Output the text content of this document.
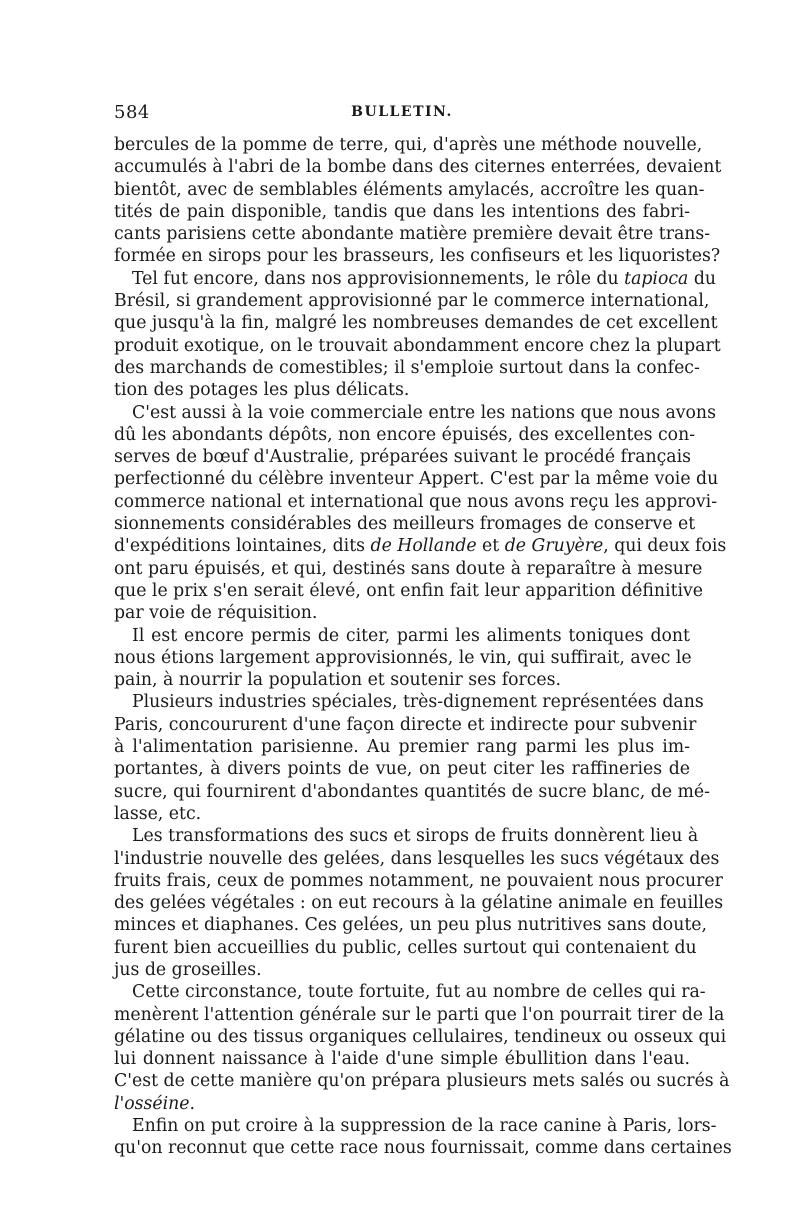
584	BULLETIN.

bercules de la pomme de terre, qui, d'après une méthode nouvelle,
accumulés à l'abri de la bombe dans des citernes enterrées, devaient
bientôt, avec de semblables éléments amylacés, accroître les quan-
tités de pain disponible, tandis que dans les intentions des fabri-
cants parisiens cette abondante matière première devait être trans-
formée en sirops pour les brasseurs, les confiseurs et les liquoristes?

Tel fut encore, dans nos approvisionnements, le rôle du tapioca du
Brésil, si grandement approvisionné par le commerce international,
que jusqu'à la fin, malgré les nombreuses demandes de cet excellent
produit exotique, on le trouvait abondamment encore chez la plupart
des marchands de comestibles; il s'emploie surtout dans la confec-
tion des potages les plus délicats.

C'est aussi à la voie commerciale entre les nations que nous avons
dû les abondants dépôts, non encore épuisés, des excellentes con-
serves de bœuf d'Australie, préparées suivant le procédé français
perfectionné du célèbre inventeur Appert. C'est par la même voie du
commerce national et international que nous avons reçu les approvi-
sionnements considérables des meilleurs fromages de conserve et
d'expéditions lointaines, dits de Hollande et de Gruyère, qui deux fois
ont paru épuisés, et qui, destinés sans doute à reparaître à mesure
que le prix s'en serait élevé, ont enfin fait leur apparition définitive
par voie de réquisition.

Il est encore permis de citer, parmi les aliments toniques dont
nous étions largement approvisionnés, le vin, qui suffirait, avec le
pain, à nourrir la population et soutenir ses forces.

Plusieurs industries spéciales, très-dignement représentées dans
Paris, concoururent d'une façon directe et indirecte pour subvenir
à l'alimentation parisienne. Au premier rang parmi les plus im-
portantes, à divers points de vue, on peut citer les raffineries de
sucre, qui fournirent d'abondantes quantités de sucre blanc, de mé-
lasse, etc.

Les transformations des sucs et sirops de fruits donnèrent lieu à
l'industrie nouvelle des gelées, dans lesquelles les sucs végétaux des
fruits frais, ceux de pommes notamment, ne pouvaient nous procurer
des gelées végétales : on eut recours à la gélatine animale en feuilles
minces et diaphanes. Ces gelées, un peu plus nutritives sans doute,
furent bien accueillies du public, celles surtout qui contenaient du
jus de groseilles.

Cette circonstance, toute fortuite, fut au nombre de celles qui ra-
menèrent l'attention générale sur le parti que l'on pourrait tirer de la
gélatine ou des tissus organiques cellulaires, tendineux ou osseux qui
lui donnent naissance à l'aide d'une simple ébullition dans l'eau.
C'est de cette manière qu'on prépara plusieurs mets salés ou sucrés à
l'osséine.

Enfin on put croire à la suppression de la race canine à Paris, lors-
qu'on reconnut que cette race nous fournissait, comme dans certaines
